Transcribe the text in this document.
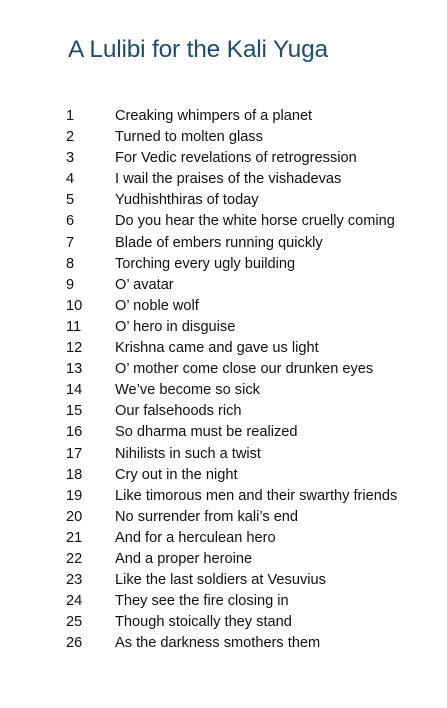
A Lulibi for the Kali Yuga
1	Creaking whimpers of a planet
2	Turned to molten glass
3	For Vedic revelations of retrogression
4	I wail the praises of the vishadevas
5	Yudhishthiras of today
6	Do you hear the white horse cruelly coming
7	Blade of embers running quickly
8	Torching every ugly building
9	O’ avatar
10	O’ noble wolf
11	O’ hero in disguise
12	Krishna came and gave us light
13	O’ mother come close our drunken eyes
14	We’ve become so sick
15	Our falsehoods rich
16	So dharma must be realized
17	Nihilists in such a twist
18	Cry out in the night
19	Like timorous men and their swarthy friends
20	No surrender from kali’s end
21	And for a herculean hero
22	And a proper heroine
23	Like the last soldiers at Vesuvius
24	They see the fire closing in
25	Though stoically they stand
26	As the darkness smothers them
